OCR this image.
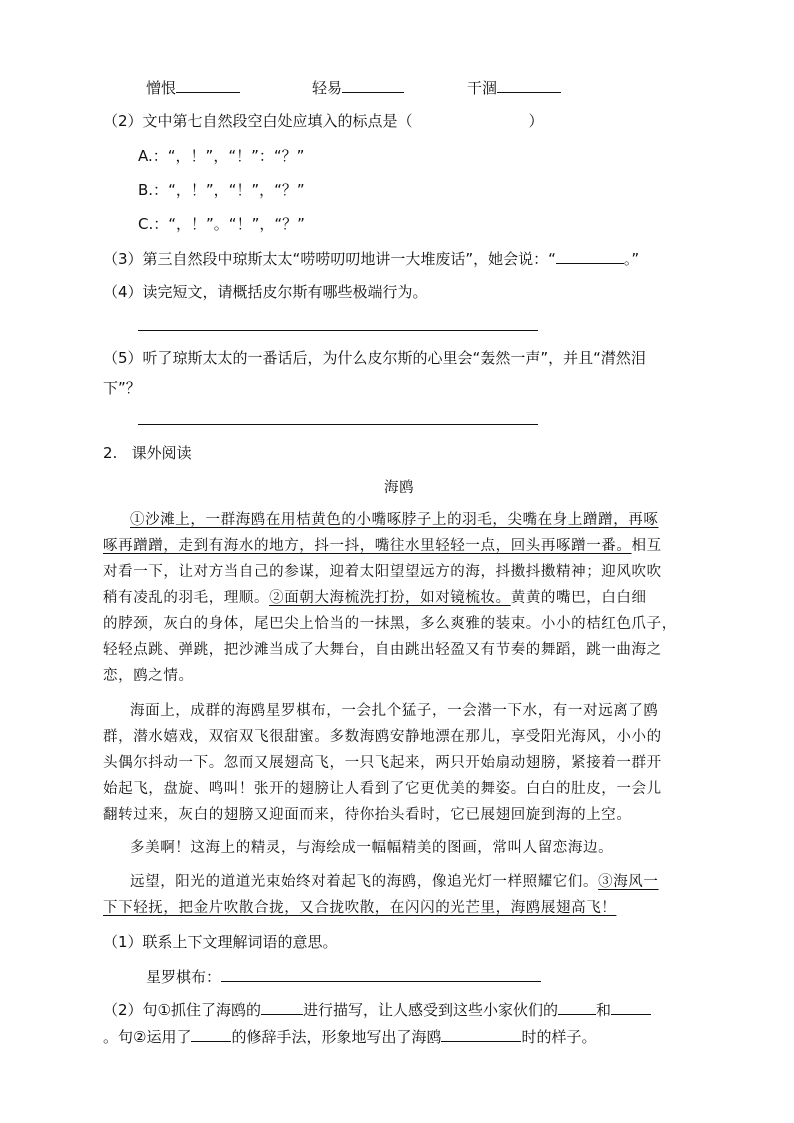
憎恨	轻易	干涸
（2）文中第七自然段空白处应填入的标点是（	）
A.：“，！”，“！”：“？”
B.：“，！”，“！”，“？”
C.：“，！”。“！”，“？”
（3）第三自然段中琼斯太太“唠唠叨叨地讲一大堆废话”，她会说：“	。”
（4）读完短文，请概括皮尔斯有哪些极端行为。
（5）听了琼斯太太的一番话后，为什么皮尔斯的心里会“轰然一声”，并且“潸然泪
下”？
2. 课外阅读
海鸥
①沙滩上，一群海鸥在用桔黄色的小嘴啄脖子上的羽毛，尖嘴在身上蹭蹭，再啄
啄再蹭蹭，走到有海水的地方，抖一抖，嘴往水里轻轻一点，回头再啄蹭一番。相互
对看一下，让对方当自己的参谋，迎着太阳望望远方的海，抖擞抖擞精神；迎风吹吹
稍有凌乱的羽毛，理顺。②面朝大海梳洗打扮，如对镜梳妆。黄黄的嘴巴，白白细
的脖颈，灰白的身体，尾巴尖上恰当的一抹黑，多么爽雅的装束。小小的桔红色爪子，
轻轻点跳、弹跳，把沙滩当成了大舞台，自由跳出轻盈又有节奏的舞蹈，跳一曲海之
恋，鸥之情。
海面上，成群的海鸥星罗棋布，一会扎个猛子，一会潜一下水，有一对远离了鸥
群，潜水嬉戏，双宿双飞很甜蜜。多数海鸥安静地漂在那儿，享受阳光海风，小小的
头偶尔抖动一下。忽而又展翅高飞，一只飞起来，两只开始扇动翅膀，紧接着一群开
始起飞，盘旋、鸣叫！张开的翅膀让人看到了它更优美的舞姿。白白的肚皮，一会儿
翻转过来，灰白的翅膀又迎面而来，待你抬头看时，它已展翅回旋到海的上空。
多美啊！这海上的精灵，与海绘成一幅幅精美的图画，常叫人留恋海边。
远望，阳光的道道光束始终对着起飞的海鸥，像追光灯一样照耀它们。③海风一
下下轻抚，把金片吹散合拢，又合拢吹散，在闪闪的光芒里，海鸥展翅高飞！
（1）联系上下文理解词语的意思。
星罗棋布：
（2）句①抓住了海鸥的	进行描写，让人感受到这些小家伙们的	和
。句②运用了	的修辞手法，形象地写出了海鸥	时的样子。
